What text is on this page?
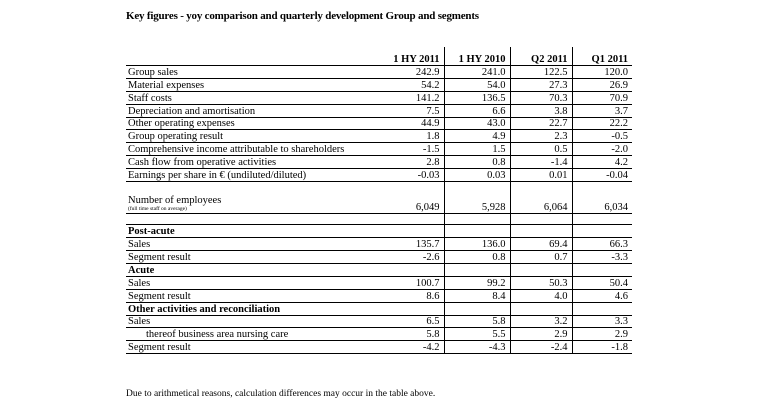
Key figures - yoy comparison and quarterly development Group and segments
	1 HY 2011	1 HY 2010	Q2 2011	Q1 2011
Group sales	242.9	241.0	122.5	120.0
Material expenses	54.2	54.0	27.3	26.9
Staff costs	141.2	136.5	70.3	70.9
Depreciation and amortisation	7.5	6.6	3.8	3.7
Other operating expenses	44.9	43.0	22.7	22.2
Group operating result	1.8	4.9	2.3	-0.5
Comprehensive income attributable to shareholders	-1.5	1.5	0.5	-2.0
Cash flow from operative activities	2.8	0.8	-1.4	4.2
Earnings per share in € (undiluted/diluted)	-0.03	0.03	0.01	-0.04
Number of employees

(full time staff on average)	6,049	5,928	6,064	6,034

Post-acute				
Sales	135.7	136.0	69.4	66.3
Segment result	-2.6	0.8	0.7	-3.3
Acute				
Sales	100.7	99.2	50.3	50.4
Segment result	8.6	8.4	4.0	4.6
Other activities and reconciliation				
Sales	6.5	5.8	3.2	3.3
thereof business area nursing care	5.8	5.5	2.9	2.9
Segment result	-4.2	-4.3	-2.4	-1.8
Due to arithmetical reasons, calculation differences may occur in the table above.
